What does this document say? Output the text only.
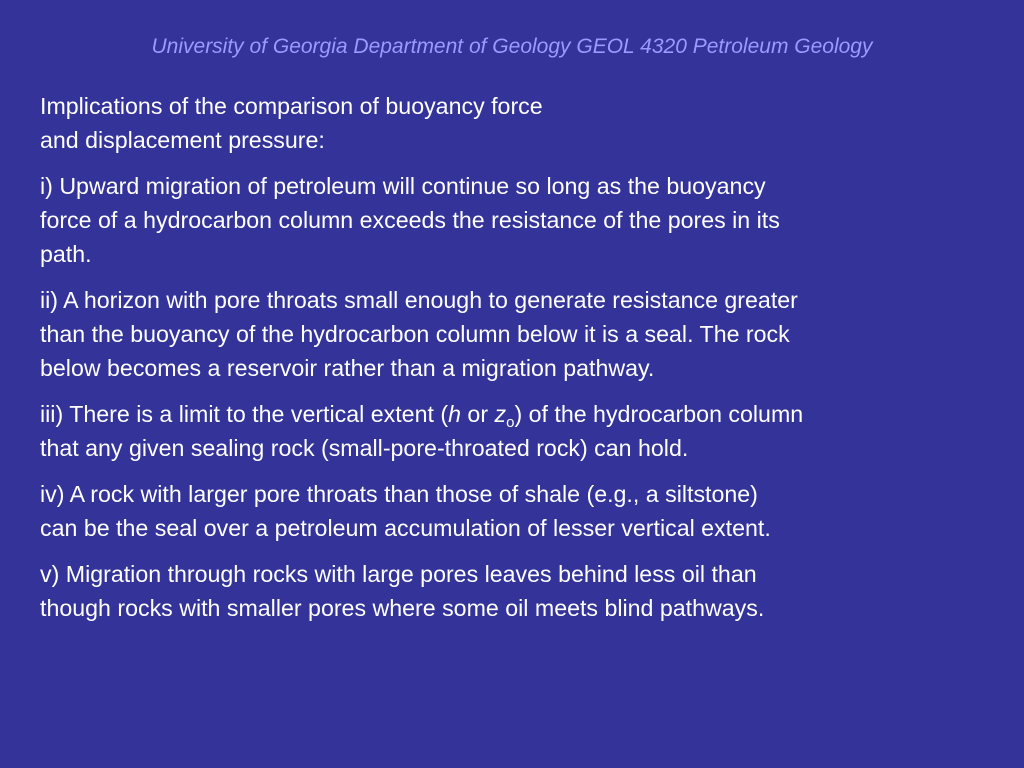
University of Georgia Department of Geology GEOL 4320 Petroleum Geology

Implications of the comparison of buoyancy force
and displacement pressure:

i) Upward migration of petroleum will continue so long as the buoyancy
force of a hydrocarbon column exceeds the resistance of the pores in its
path.

ii) A horizon with pore throats small enough to generate resistance greater
than the buoyancy of the hydrocarbon column below it is a seal. The rock
below becomes a reservoir rather than a migration pathway.

iii) There is a limit to the vertical extent (h or $z_o$) of the hydrocarbon column
that any given sealing rock (small-pore-throated rock) can hold.

iv) A rock with larger pore throats than those of shale (e.g., a siltstone)
can be the seal over a petroleum accumulation of lesser vertical extent.

v) Migration through rocks with large pores leaves behind less oil than
though rocks with smaller pores where some oil meets blind pathways.
